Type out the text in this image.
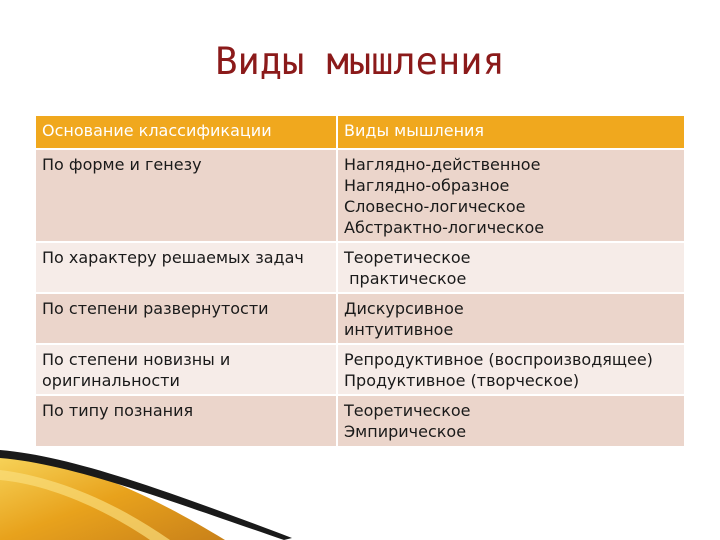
Виды мышления
Основание классификации	Виды мышления

По форме и генезу	Наглядно-действенное
Наглядно-образное
Словесно-логическое
Абстрактно-логическое

По характеру решаемых задач	Теоретическое
практическое

По степени развернутости	Дискурсивное
интуитивное

По степени новизны и
оригинальности	Репродуктивное (воспроизводящее)
Продуктивное (творческое)

По типу познания	Теоретическое
Эмпирическое
